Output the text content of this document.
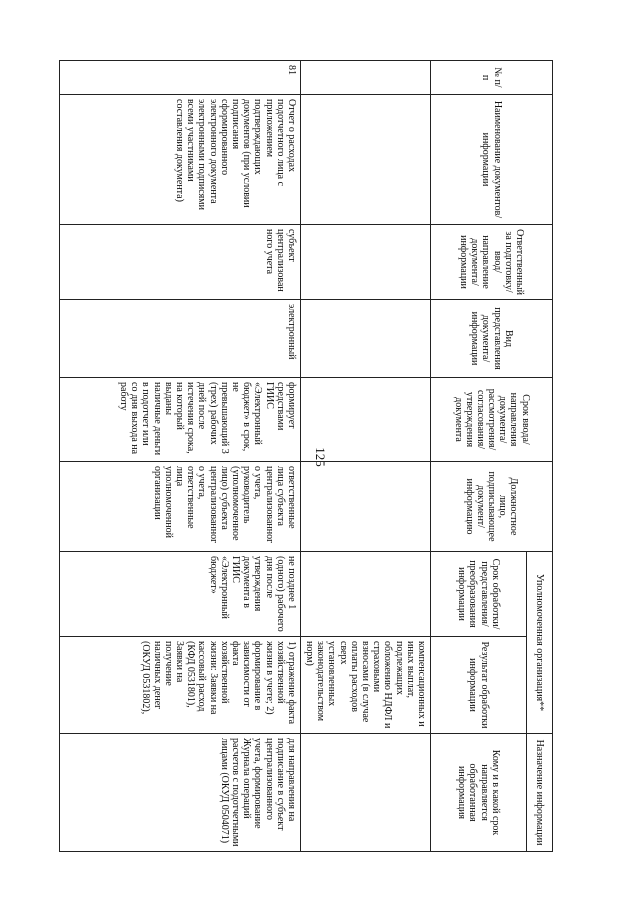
125
№ п/п	Наименование документов/информации	Ответственный за подготовку/ ввод/ направление документа/ информации	Вид представления документа/ информации	Срок ввода/ направления документа/ рассмотрения/ согласования/ утверждения документа	Должностное лицо, подписывающее документ/ информацию	Уполномоченная организация**		Назначение информации
						Срок обработки/ представления/ преобразования информации	Результат обработки информации	Кому и в какой срок направляется обработанная информация
							компенсационных и иных выплат, подлежащих обложению НДФЛ и страховыми взносами (в случае оплаты расходов сверх установленных законодательством норм)	
81	Отчет о расходах подотчетного лица с приложением подтверждающих документов (при условии подписания сформированного электронного документа электронными подписями всеми участниками составления документа)	субъект централизованного учета	электронный	формирует средствами ГИИС «Электронный бюджет» в срок, не превышающий 3 (трех) рабочих дней после истечения срока, на который выданы наличные деньги в подотчет или со дня выхода на работу	ответственные лица субъекта централизованного учета, руководитель (уполномоченное лицо) субъекта централизованного учета, ответственные лица уполномоченной организации	не позднее 1 (одного) рабочего дня после утверждения документа в ГИИС «Электронный бюджет»	1) отражение факта хозяйственной жизни в учете; 2) формирование в зависимости от факта хозяйственной жизни: Заявки на кассовый расход (КФД 0531801), Заявки на получение наличных денег (ОКУД 0531802),	для направления на подписание в субъект централизованного учета, формирование Журнала операций расчетов с подотчетными лицами (ОКУД 0504071)
